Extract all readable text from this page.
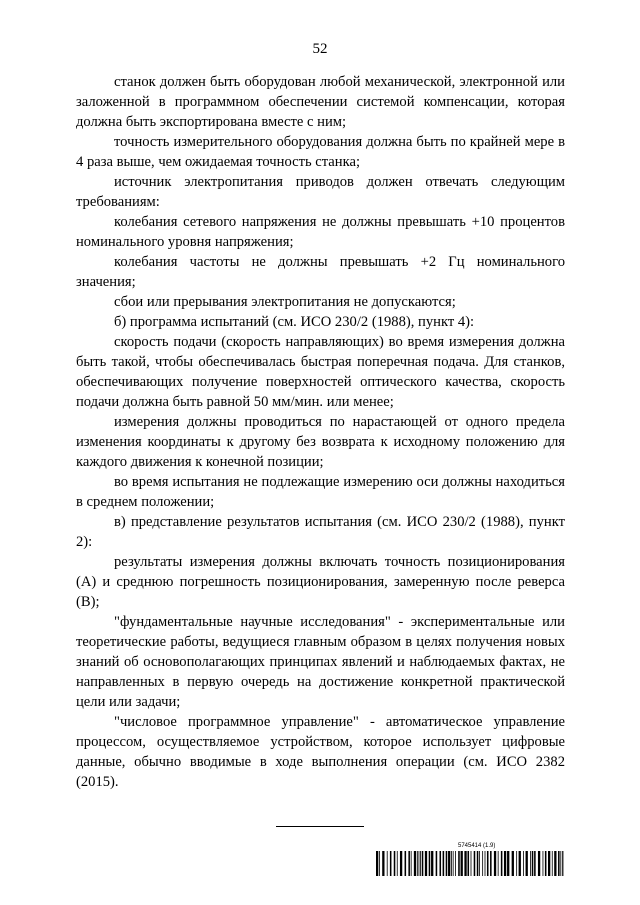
52

станок должен быть оборудован любой механической, электронной или заложенной в программном обеспечении системой компенсации, которая должна быть экспортирована вместе с ним;

точность измерительного оборудования должна быть по крайней мере в 4 раза выше, чем ожидаемая точность станка;

источник электропитания приводов должен отвечать следующим требованиям:

колебания сетевого напряжения не должны превышать +10 процентов номинального уровня напряжения;

колебания частоты не должны превышать +2 Гц номинального значения;

сбои или прерывания электропитания не допускаются;

б) программа испытаний (см. ИСО 230/2 (1988), пункт 4):

скорость подачи (скорость направляющих) во время измерения должна быть такой, чтобы обеспечивалась быстрая поперечная подача. Для станков, обеспечивающих получение поверхностей оптического качества, скорость подачи должна быть равной 50 мм/мин. или менее;

измерения должны проводиться по нарастающей от одного предела изменения координаты к другому без возврата к исходному положению для каждого движения к конечной позиции;

во время испытания не подлежащие измерению оси должны находиться в среднем положении;

в) представление результатов испытания (см. ИСО 230/2 (1988), пункт 2):

результаты измерения должны включать точность позиционирования (А) и среднюю погрешность позиционирования, замеренную после реверса (В);

"фундаментальные научные исследования" - экспериментальные или теоретические работы, ведущиеся главным образом в целях получения новых знаний об основополагающих принципах явлений и наблюдаемых фактах, не направленных в первую очередь на достижение конкретной практической цели или задачи;

"числовое программное управление" - автоматическое управление процессом, осуществляемое устройством, которое использует цифровые данные, обычно вводимые в ходе выполнения операции (см. ИСО 2382 (2015).

5745414 (1.9)
